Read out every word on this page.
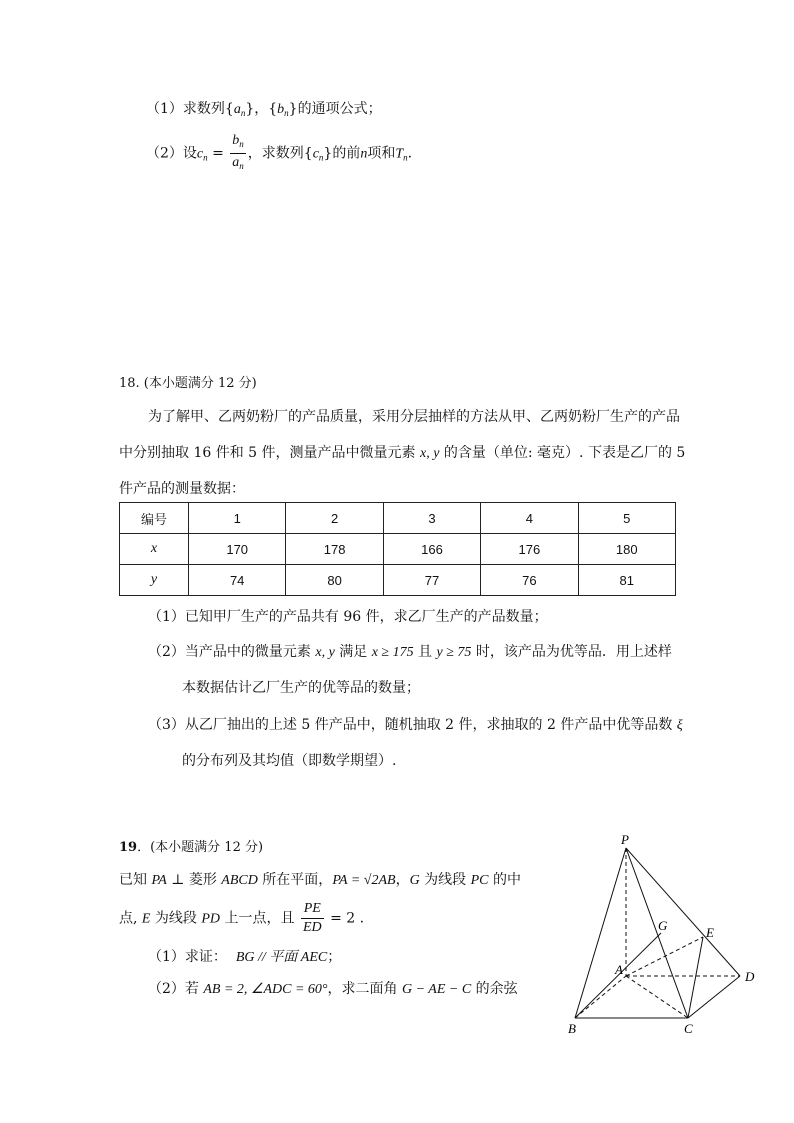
（1）求数列$\{a_n\}$，$\{b_n\}$的通项公式；
（2）设$c_n = \frac{b_n}{a_n}$ ，求数列$\{c_n\}$的前n项和$T_n$.
18. (本小题满分 12 分)
为了解甲、乙两奶粉厂的产品质量，采用分层抽样的方法从甲、乙两奶粉厂生产的产品
中分别抽取 16 件和 5 件，测量产品中微量元素 x, y 的含量（单位: 毫克）. 下表是乙厂的 5
件产品的测量数据：
编号	1	2	3	4	5
x	170	178	166	176	180
y	74	80	77	76	81
（1）已知甲厂生产的产品共有 96 件，求乙厂生产的产品数量；
（2）当产品中的微量元素 x, y 满足 x ≥ 175 且 y ≥ 75 时，该产品为优等品．用上述样
本数据估计乙厂生产的优等品的数量；
（3）从乙厂抽出的上述 5 件产品中，随机抽取 2 件，求抽取的 2 件产品中优等品数 ξ
的分布列及其均值（即数学期望）.
19．(本小题满分 12 分)
已知 PA ⊥ 菱形 ABCD 所在平面，PA = √2AB，G 为线段 PC 的中
点, E 为线段 PD 上一点，且 $\frac{PE}{ED} = 2$ .
（1）求证： BG // 平面 AEC；
（2）若 AB = 2, ∠ADC = 60°，求二面角 G − AE − C 的余弦
P
G	E
A	D
B	C
